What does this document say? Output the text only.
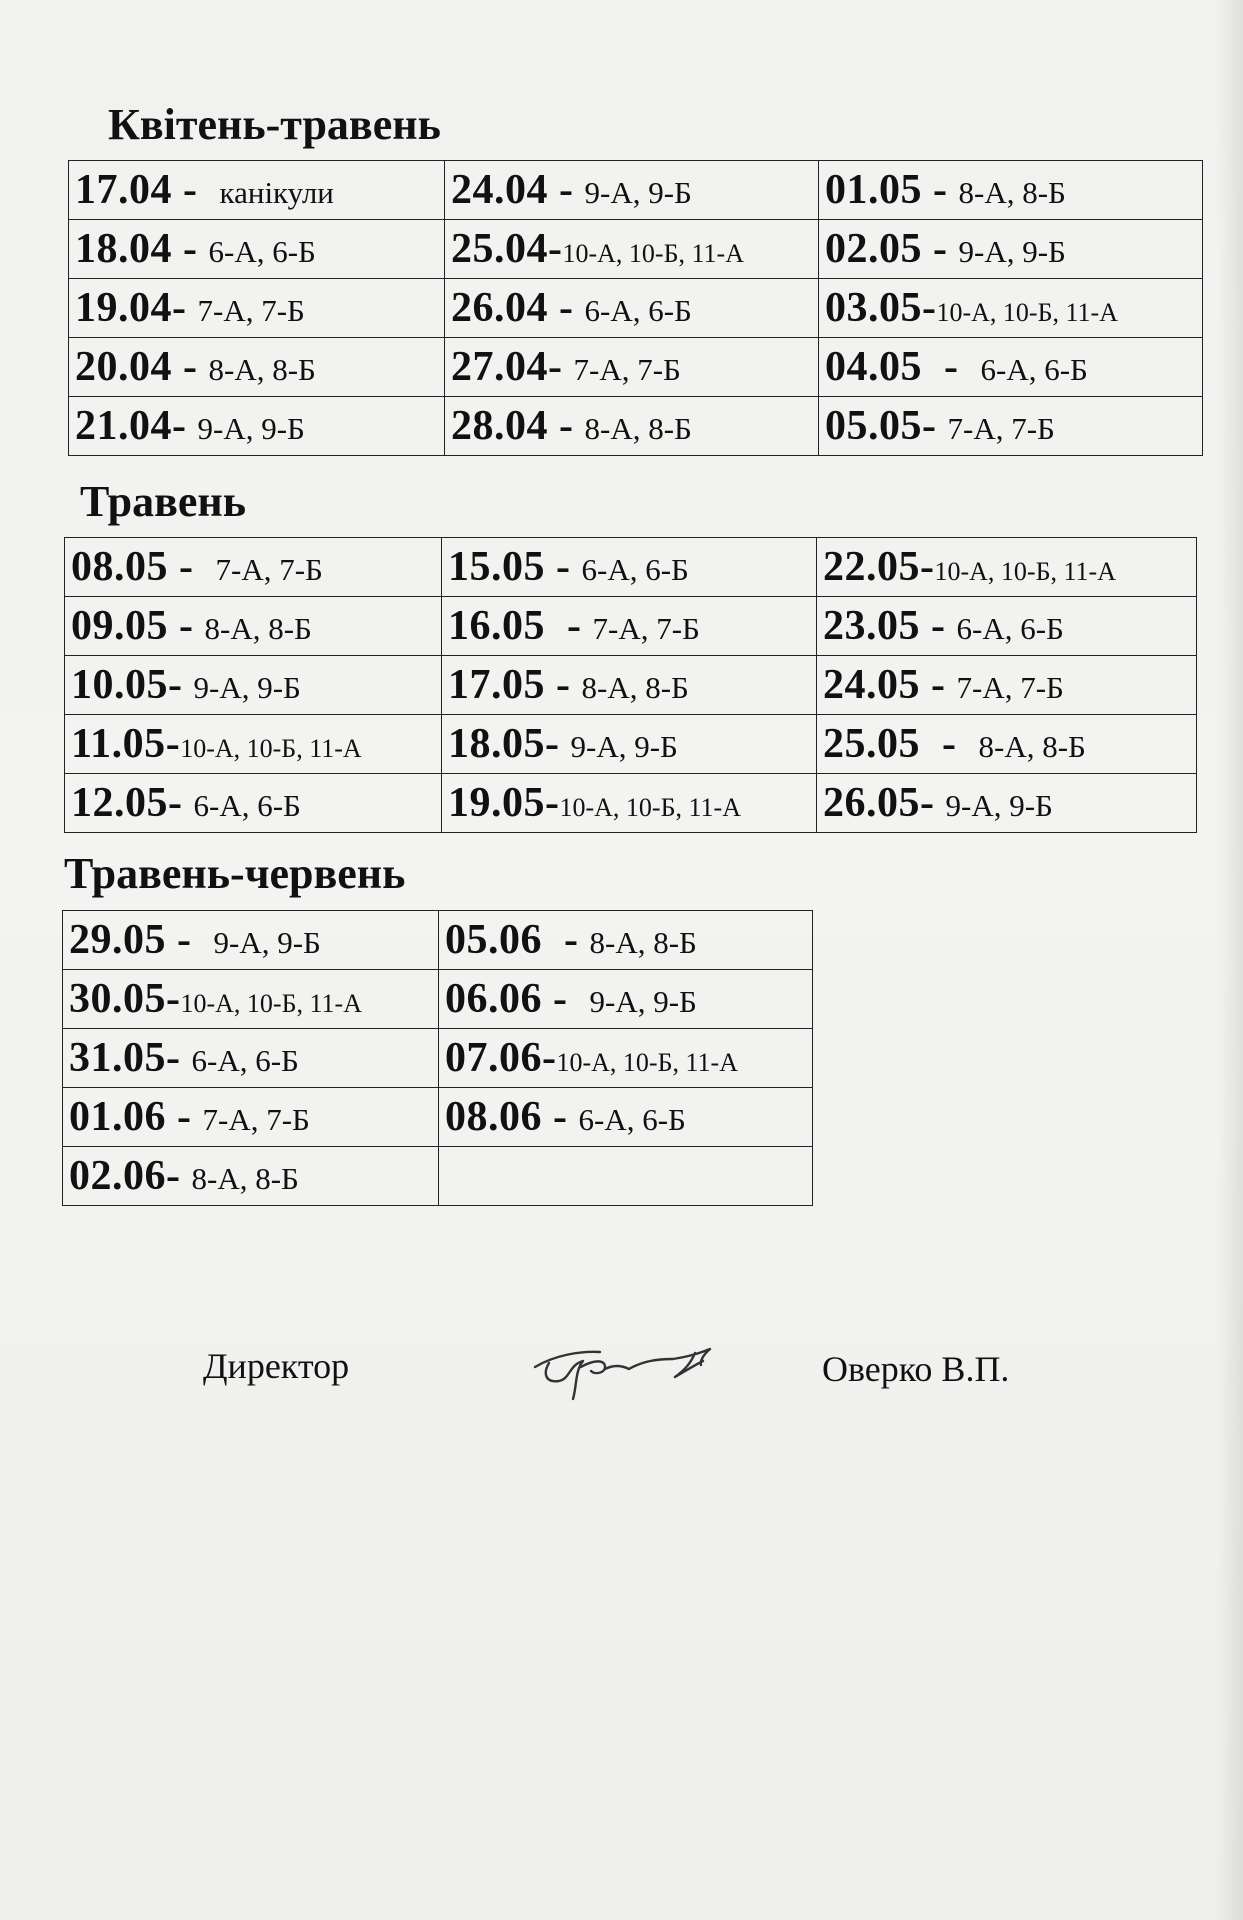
Квітень-травень
17.04 -  канікули	24.04 - 9-А, 9-Б	01.05 - 8-А, 8-Б
18.04 - 6-А, 6-Б	25.04-10-А, 10-Б, 11-А	02.05 - 9-А, 9-Б
19.04- 7-А, 7-Б	26.04 - 6-А, 6-Б	03.05-10-А, 10-Б, 11-А
20.04 - 8-А, 8-Б	27.04- 7-А, 7-Б	04.05  -  6-А, 6-Б
21.04- 9-А, 9-Б	28.04 - 8-А, 8-Б	05.05- 7-А, 7-Б
Травень
08.05 -  7-А, 7-Б	15.05 - 6-А, 6-Б	22.05-10-А, 10-Б, 11-А
09.05 - 8-А, 8-Б	16.05  - 7-А, 7-Б	23.05 - 6-А, 6-Б
10.05- 9-А, 9-Б	17.05 - 8-А, 8-Б	24.05 - 7-А, 7-Б
11.05-10-А, 10-Б, 11-А	18.05- 9-А, 9-Б	25.05  -  8-А, 8-Б
12.05- 6-А, 6-Б	19.05-10-А, 10-Б, 11-А	26.05- 9-А, 9-Б
Травень-червень
29.05 -  9-А, 9-Б	05.06  - 8-А, 8-Б
30.05-10-А, 10-Б, 11-А	06.06 -  9-А, 9-Б
31.05- 6-А, 6-Б	07.06-10-А, 10-Б, 11-А
01.06 - 7-А, 7-Б	08.06 - 6-А, 6-Б
02.06- 8-А, 8-Б	
Директор	Оверко В.П.
